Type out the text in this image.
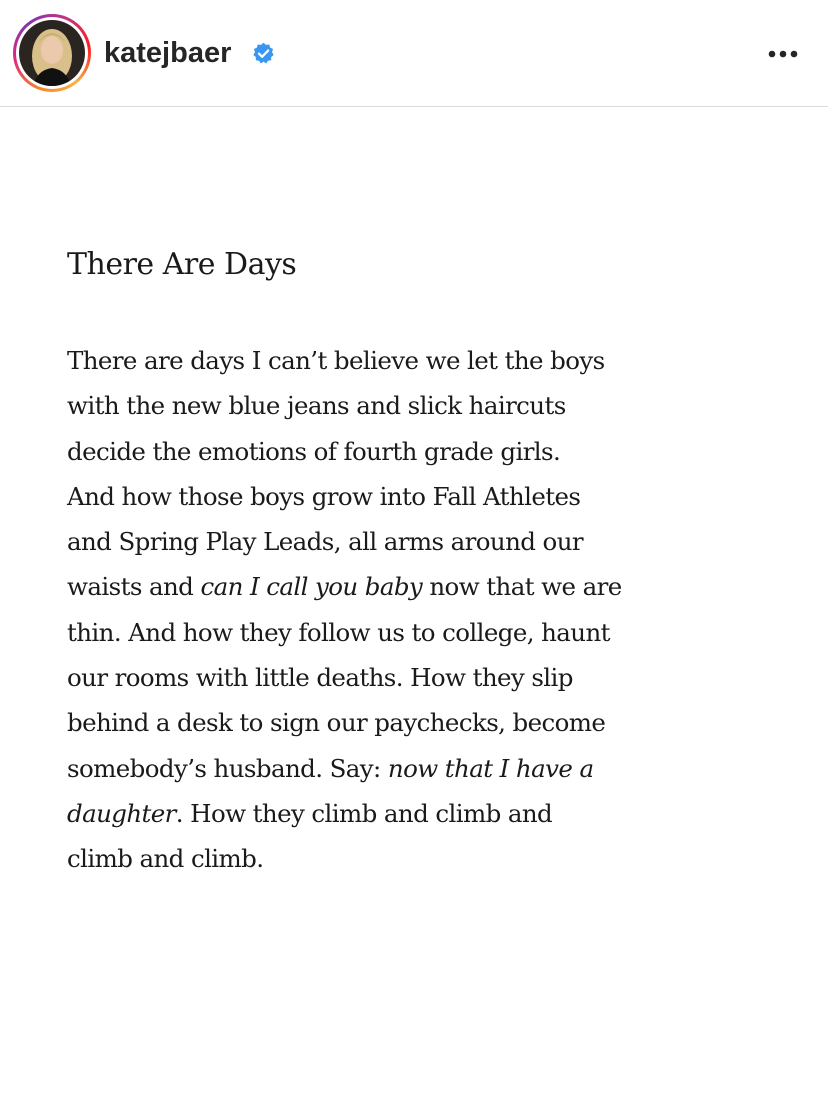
katejbaer
There Are Days
There are days I can’t believe we let the boys
with the new blue jeans and slick haircuts
decide the emotions of fourth grade girls.
And how those boys grow into Fall Athletes
and Spring Play Leads, all arms around our
waists and can I call you baby now that we are
thin. And how they follow us to college, haunt
our rooms with little deaths. How they slip
behind a desk to sign our paychecks, become
somebody’s husband. Say: now that I have a
daughter. How they climb and climb and
climb and climb.
